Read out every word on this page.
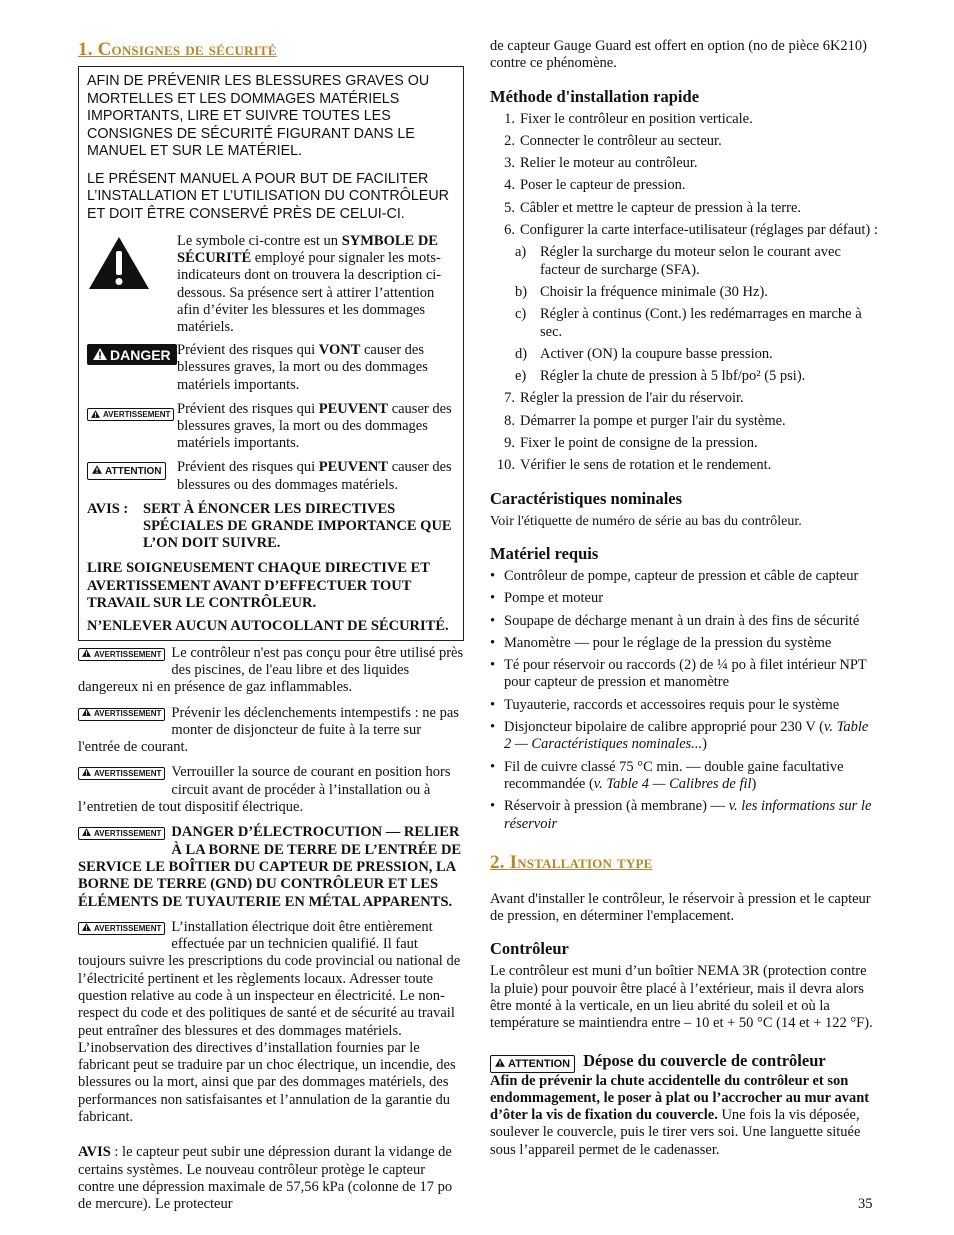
1. Consignes de sécurité

AFIN DE PRÉVENIR LES BLESSURES GRAVES OU MORTELLES ET LES DOMMAGES MATÉRIELS IMPORTANTS, LIRE ET SUIVRE TOUTES LES CONSIGNES DE SÉCURITÉ FIGURANT DANS LE MANUEL ET SUR LE MATÉRIEL.

LE PRÉSENT MANUEL A POUR BUT DE FACILITER L’INSTALLATION ET L’UTILISATION DU CONTRÔLEUR ET DOIT ÊTRE CONSERVÉ PRÈS DE CELUI-CI.

Le symbole ci-contre est un SYMBOLE DE SÉCURITÉ employé pour signaler les mots-indicateurs dont on trouvera la description ci-dessous. Sa présence sert à attirer l’attention afin d’éviter les blessures et les dommages matériels.
DANGER Prévient des risques qui VONT causer des blessures graves, la mort ou des dommages matériels importants.
AVERTISSEMENT Prévient des risques qui PEUVENT causer des blessures graves, la mort ou des dommages matériels importants.
ATTENTION Prévient des risques qui PEUVENT causer des blessures ou des dommages matériels.
AVIS :	SERT À ÉNONCER LES DIRECTIVES SPÉCIALES DE GRANDE IMPORTANCE QUE L’ON DOIT SUIVRE.

LIRE SOIGNEUSEMENT CHAQUE DIRECTIVE ET AVERTISSEMENT AVANT D’EFFECTUER TOUT TRAVAIL SUR LE CONTRÔLEUR.

N’ENLEVER AUCUN AUTOCOLLANT DE SÉCURITÉ.

AVERTISSEMENT Le contrôleur n'est pas conçu pour être utilisé près des piscines, de l'eau libre et des liquides dangereux ni en présence de gaz inflammables.

AVERTISSEMENT Prévenir les déclenchements intempestifs : ne pas monter de disjoncteur de fuite à la terre sur l'entrée de courant.

AVERTISSEMENT Verrouiller la source de courant en position hors circuit avant de procéder à l’installation ou à l’entretien de tout dispositif électrique.

AVERTISSEMENT DANGER D’ÉLECTROCUTION — RELIER À LA BORNE DE TERRE DE L’ENTRÉE DE SERVICE LE BOÎTIER DU CAPTEUR DE PRESSION, LA BORNE DE TERRE (GND) DU CONTRÔLEUR ET LES ÉLÉMENTS DE TUYAUTERIE EN MÉTAL APPARENTS.

AVERTISSEMENT L’installation électrique doit être entièrement effectuée par un technicien qualifié. Il faut toujours suivre les prescriptions du code provincial ou national de l’électricité pertinent et les règlements locaux. Adresser toute question relative au code à un inspecteur en électricité. Le non-respect du code et des politiques de santé et de sécurité au travail peut entraîner des blessures et des dommages matériels. L’inobservation des directives d’installation fournies par le fabricant peut se traduire par un choc électrique, un incendie, des blessures ou la mort, ainsi que par des dommages matériels, des performances non satisfaisantes et l’annulation de la garantie du fabricant.

AVIS : le capteur peut subir une dépression durant la vidange de certains systèmes. Le nouveau contrôleur protège le capteur contre une dépression maximale de 57,56 kPa (colonne de 17 po de mercure). Le protecteur

de capteur Gauge Guard est offert en option (no de pièce 6K210) contre ce phénomène.

Méthode d'installation rapide
1. Fixer le contrôleur en position verticale.
2. Connecter le contrôleur au secteur.
3. Relier le moteur au contrôleur.
4. Poser le capteur de pression.
5. Câbler et mettre le capteur de pression à la terre.
6. Configurer la carte interface-utilisateur (réglages par défaut) :
a) Régler la surcharge du moteur selon le courant avec facteur de surcharge (SFA).
b) Choisir la fréquence minimale (30 Hz).
c) Régler à continus (Cont.) les redémarrages en marche à sec.
d) Activer (ON) la coupure basse pression.
e) Régler la chute de pression à 5 lbf/po² (5 psi).
7. Régler la pression de l'air du réservoir.
8. Démarrer la pompe et purger l'air du système.
9. Fixer le point de consigne de la pression.
10. Vérifier le sens de rotation et le rendement.
Caractéristiques nominales

Voir l'étiquette de numéro de série au bas du contrôleur.

Matériel requis
• Contrôleur de pompe, capteur de pression et câble de capteur
• Pompe et moteur
• Soupape de décharge menant à un drain à des fins de sécurité
• Manomètre — pour le réglage de la pression du système
• Té pour réservoir ou raccords (2) de ¼ po à filet intérieur NPT pour capteur de pression et manomètre
• Tuyauterie, raccords et accessoires requis pour le système
• Disjoncteur bipolaire de calibre approprié pour 230 V (v. Table 2 — Caractéristiques nominales...)
• Fil de cuivre classé 75 °C min. — double gaine facultative recommandée (v. Table 4 — Calibres de fil)
• Réservoir à pression (à membrane) — v. les informations sur le réservoir
2. Installation type

Avant d'installer le contrôleur, le réservoir à pression et le capteur de pression, en déterminer l'emplacement.

Contrôleur

Le contrôleur est muni d’un boîtier NEMA 3R (protection contre la pluie) pour pouvoir être placé à l’extérieur, mais il devra alors être monté à la verticale, en un lieu abrité du soleil et où la température se maintiendra entre – 10 et + 50 °C (14 et + 122 °F).

ATTENTION Dépose du couvercle de contrôleur

Afin de prévenir la chute accidentelle du contrôleur et son endommagement, le poser à plat ou l’accrocher au mur avant d’ôter la vis de fixation du couvercle. Une fois la vis déposée, soulever le couvercle, puis le tirer vers soi. Une languette située sous l’appareil permet de le cadenasser.

35
